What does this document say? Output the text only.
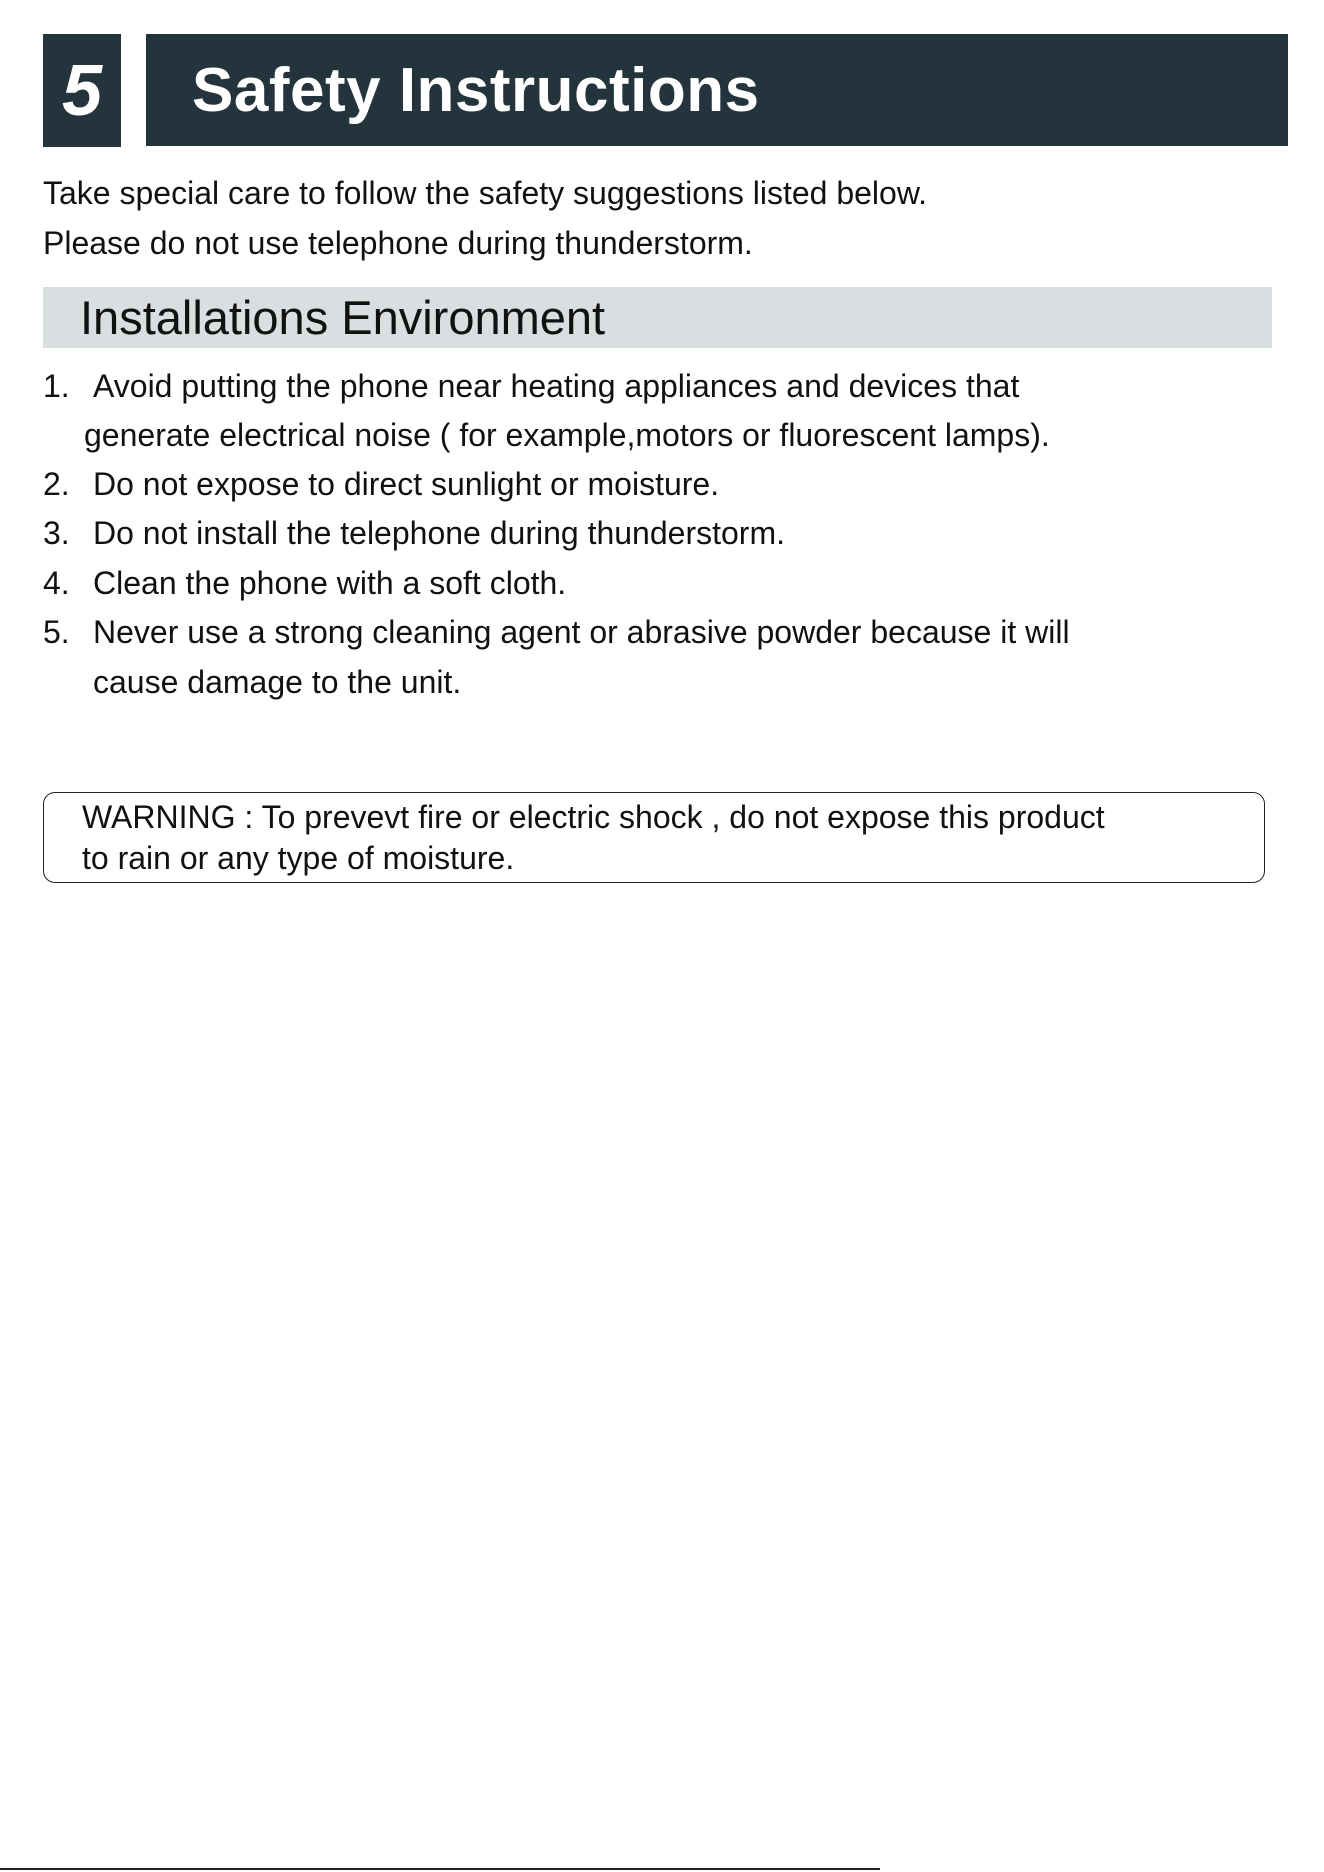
5 Safety Instructions
Take special care to follow the safety suggestions listed below.
Please do not use telephone during thunderstorm.
Installations Environment
1. Avoid putting the phone near heating appliances and devices that
generate electrical noise ( for example,motors or fluorescent lamps).
2. Do not expose to direct sunlight or moisture.
3. Do not install the telephone during thunderstorm.
4. Clean the phone with a soft cloth.
5. Never use a strong cleaning agent or abrasive powder because it will
cause damage to the unit.
WARNING : To prevevt fire or electric shock , do not expose this product
to rain or any type of moisture.
